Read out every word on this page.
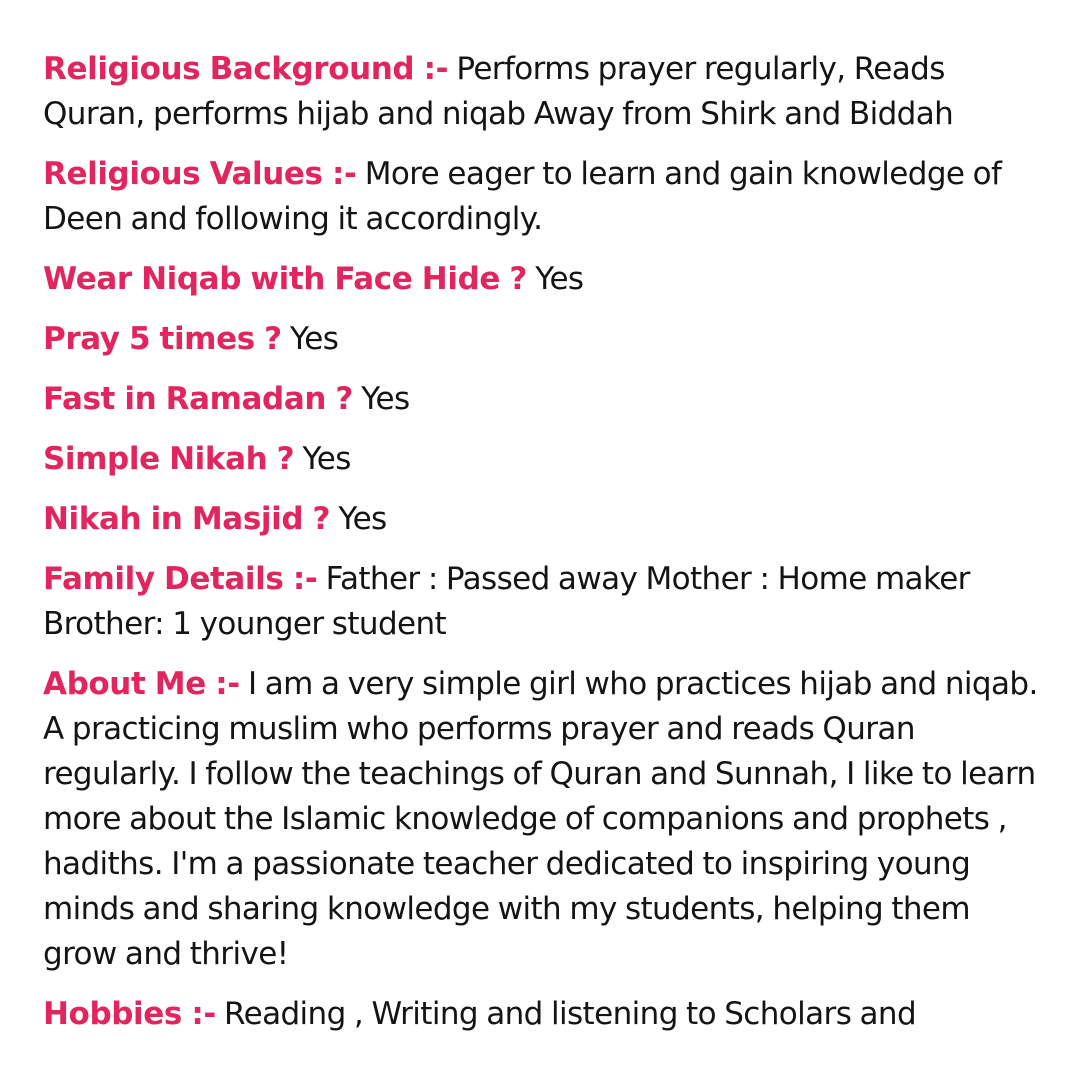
Religious Background :- Performs prayer regularly, Reads Quran, performs hijab and niqab Away from Shirk and Biddah

Religious Values :- More eager to learn and gain knowledge of Deen and following it accordingly.

Wear Niqab with Face Hide ? Yes

Pray 5 times ? Yes

Fast in Ramadan ? Yes

Simple Nikah ? Yes

Nikah in Masjid ? Yes

Family Details :- Father : Passed away Mother : Home maker Brother: 1 younger student

About Me :- I am a very simple girl who practices hijab and niqab. A practicing muslim who performs prayer and reads Quran regularly. I follow the teachings of Quran and Sunnah, I like to learn more about the Islamic knowledge of companions and prophets , hadiths. I'm a passionate teacher dedicated to inspiring young minds and sharing knowledge with my students, helping them grow and thrive!

Hobbies :- Reading , Writing and listening to Scholars and
